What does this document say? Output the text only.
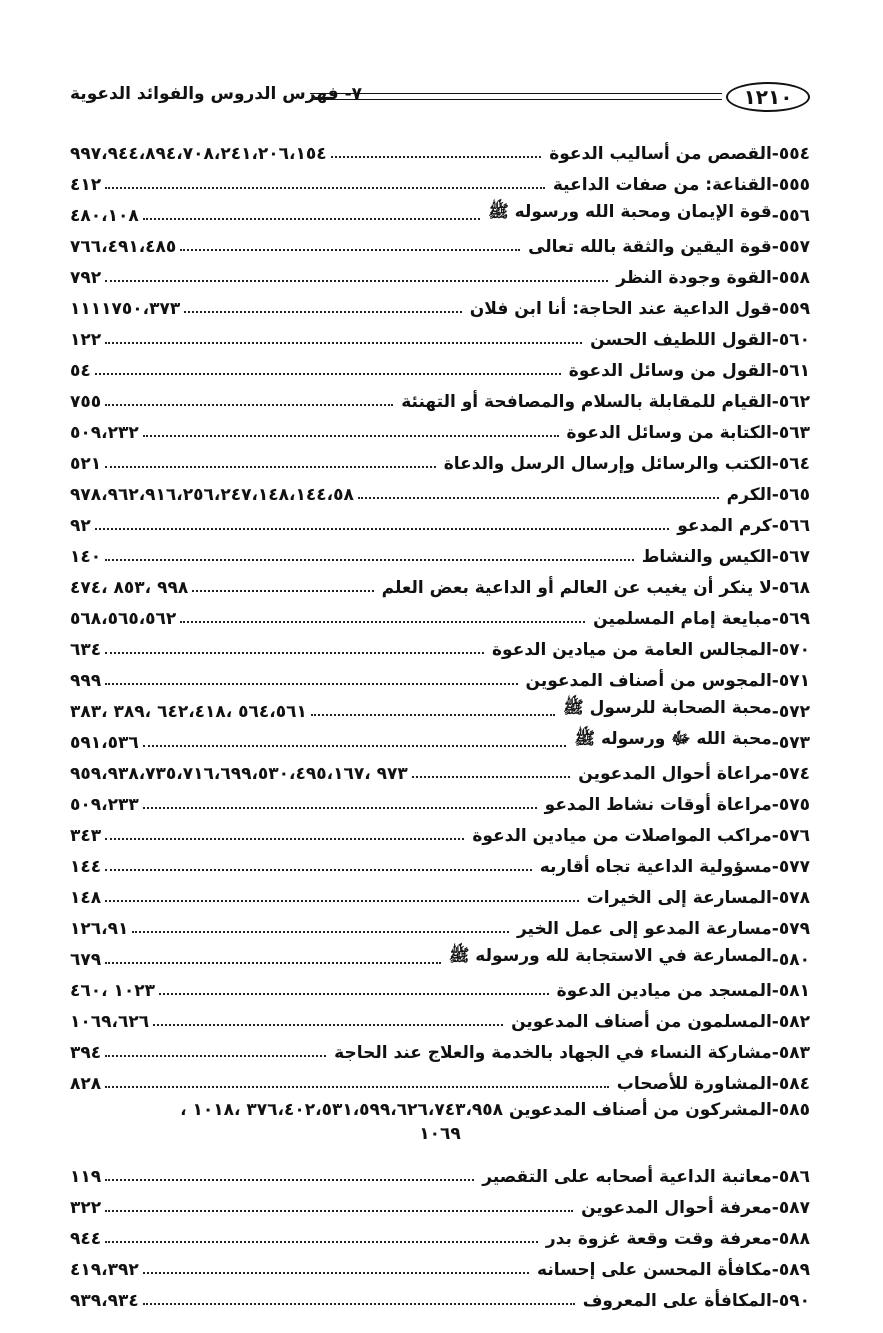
١٢١٠
٧- فهرس الدروس والفوائد الدعوية
٥٥٤-
القصص من أساليب الدعوة
٩٩٧،٩٤٤،٨٩٤،٧٠٨،٢٤١،٢٠٦،١٥٤
٥٥٥-
القناعة: من صفات الداعية
٤١٢
٥٥٦-
قوة الإيمان ومحبة الله ورسوله ﷺ
٤٨٠،١٠٨
٥٥٧-
قوة اليقين والثقة بالله تعالى
٧٦٦،٤٩١،٤٨٥
٥٥٨-
القوة وجودة النظر
٧٩٢
٥٥٩-
قول الداعية عند الحاجة: أنا ابن فلان
١١١١٧٥٠،٣٧٣
٥٦٠-
القول اللطيف الحسن
١٢٢
٥٦١-
القول من وسائل الدعوة
٥٤
٥٦٢-
القيام للمقابلة بالسلام والمصافحة أو التهنئة
٧٥٥
٥٦٣-
الكتابة من وسائل الدعوة
٥٠٩،٢٣٢
٥٦٤-
الكتب والرسائل وإرسال الرسل والدعاة
٥٢١
٥٦٥-
الكرم
٩٧٨،٩٦٢،٩١٦،٢٥٦،٢٤٧،١٤٨،١٤٤،٥٨
٥٦٦-
كرم المدعو
٩٢
٥٦٧-
الكيس والنشاط
١٤٠
٥٦٨-
لا ينكر أن يغيب عن العالم أو الداعية بعض العلم
٩٩٨ ،٨٥٣ ،٤٧٤
٥٦٩-
مبايعة إمام المسلمين
٥٦٨،٥٦٥،٥٦٢
٥٧٠-
المجالس العامة من ميادين الدعوة
٦٣٤
٥٧١-
المجوس من أصناف المدعوين
٩٩٩
٥٧٢-
محبة الصحابة للرسول ﷺ
٥٦٤،٥٦١ ،٦٤٢،٤١٨ ،٣٨٩ ،٣٨٣
٥٧٣-
محبة الله ﷻ ورسوله ﷺ
٥٩١،٥٣٦
٥٧٤-
مراعاة أحوال المدعوين
٩٧٣ ،٩٥٩،٩٣٨،٧٣٥،٧١٦،٦٩٩،٥٣٠،٤٩٥،١٦٧
٥٧٥-
مراعاة أوقات نشاط المدعو
٥٠٩،٢٣٣
٥٧٦-
مراكب المواصلات من ميادين الدعوة
٣٤٣
٥٧٧-
مسؤولية الداعية تجاه أقاربه
١٤٤
٥٧٨-
المسارعة إلى الخيرات
١٤٨
٥٧٩-
مسارعة المدعو إلى عمل الخير
١٢٦،٩١
٥٨٠-
المسارعة في الاستجابة لله ورسوله ﷺ
٦٧٩
٥٨١-
المسجد من ميادين الدعوة
١٠٢٣ ،٤٦٠
٥٨٢-
المسلمون من أصناف المدعوين
١٠٦٩،٦٢٦
٥٨٣-
مشاركة النساء في الجهاد بالخدمة والعلاج عند الحاجة
٣٩٤
٥٨٤-
المشاورة للأصحاب
٨٢٨
٥٨٥-
المشركون من أصناف المدعوين ٣٧٦،٤٠٢،٥٣١،٥٩٩،٦٢٦،٧٤٣،٩٥٨ ،١٠١٨ ،
١٠٦٩
٥٨٦-
معاتبة الداعية أصحابه على التقصير
١١٩
٥٨٧-
معرفة أحوال المدعوين
٣٢٢
٥٨٨-
معرفة وقت وقعة غزوة بدر
٩٤٤
٥٨٩-
مكافأة المحسن على إحسانه
٤١٩،٣٩٢
٥٩٠-
المكافأة على المعروف
٩٣٩،٩٣٤
